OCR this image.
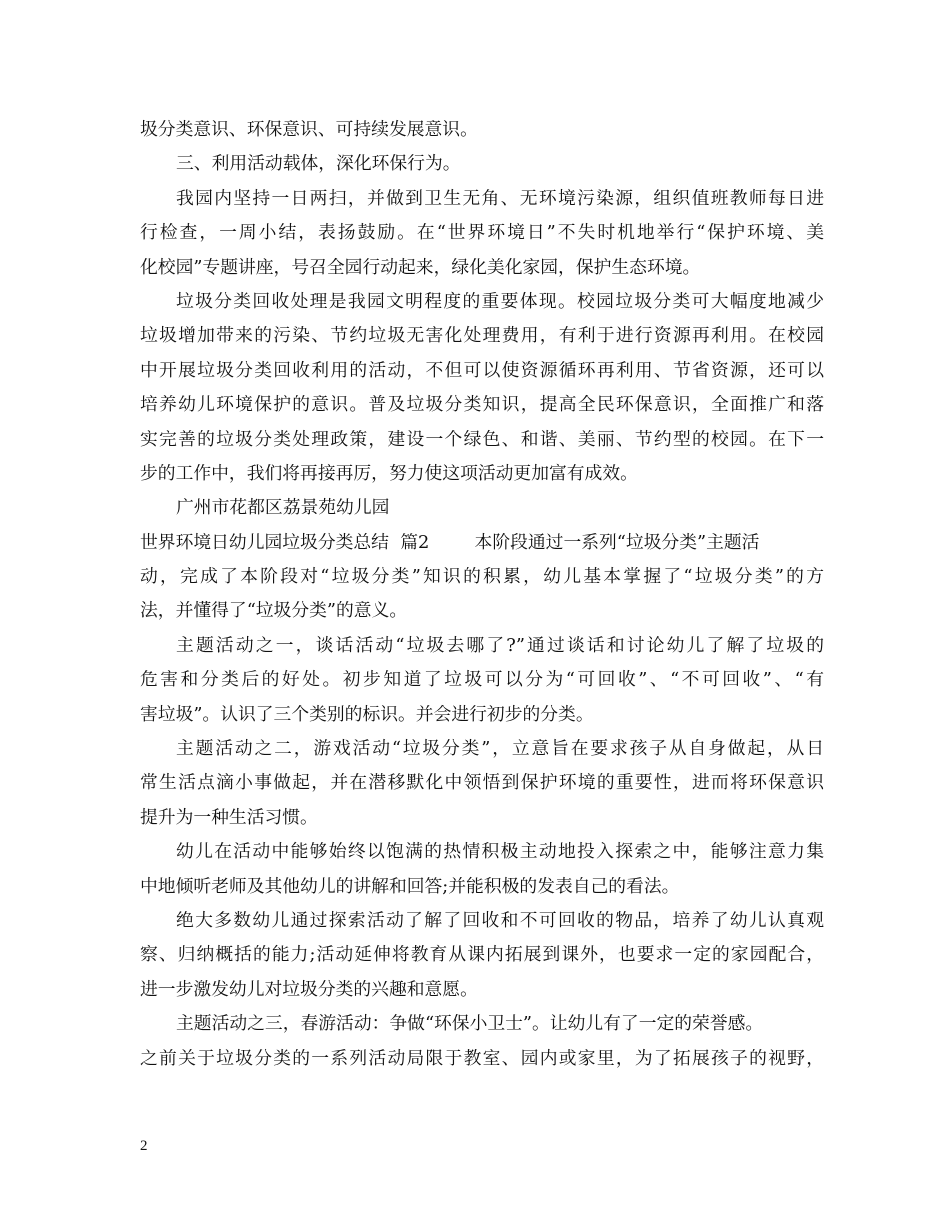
圾分类意识、环保意识、可持续发展意识。
三、利用活动载体，深化环保行为。
我园内坚持一日两扫，并做到卫生无角、无环境污染源，组织值班教师每日进
行检查，一周小结，表扬鼓励。在“世界环境日”不失时机地举行“保护环境、美
化校园”专题讲座，号召全园行动起来，绿化美化家园，保护生态环境。
垃圾分类回收处理是我园文明程度的重要体现。校园垃圾分类可大幅度地减少
垃圾增加带来的污染、节约垃圾无害化处理费用，有利于进行资源再利用。在校园
中开展垃圾分类回收利用的活动，不但可以使资源循环再利用、节省资源，还可以
培养幼儿环境保护的意识。普及垃圾分类知识，提高全民环保意识，全面推广和落
实完善的垃圾分类处理政策，建设一个绿色、和谐、美丽、节约型的校园。在下一
步的工作中，我们将再接再厉，努力使这项活动更加富有成效。
广州市花都区荔景苑幼儿园
世界环境日幼儿园垃圾分类总结  篇2        本阶段通过一系列“垃圾分类”主题活
动，完成了本阶段对“垃圾分类”知识的积累，幼儿基本掌握了“垃圾分类”的方
法，并懂得了“垃圾分类”的意义。
主题活动之一，谈话活动“垃圾去哪了?”通过谈话和讨论幼儿了解了垃圾的
危害和分类后的好处。初步知道了垃圾可以分为“可回收”、“不可回收”、“有
害垃圾”。认识了三个类别的标识。并会进行初步的分类。
主题活动之二，游戏活动“垃圾分类”，立意旨在要求孩子从自身做起，从日
常生活点滴小事做起，并在潜移默化中领悟到保护环境的重要性，进而将环保意识
提升为一种生活习惯。
幼儿在活动中能够始终以饱满的热情积极主动地投入探索之中，能够注意力集
中地倾听老师及其他幼儿的讲解和回答;并能积极的发表自己的看法。
绝大多数幼儿通过探索活动了解了回收和不可回收的物品，培养了幼儿认真观
察、归纳概括的能力;活动延伸将教育从课内拓展到课外，也要求一定的家园配合，
进一步激发幼儿对垃圾分类的兴趣和意愿。
主题活动之三，春游活动：争做“环保小卫士”。让幼儿有了一定的荣誉感。
之前关于垃圾分类的一系列活动局限于教室、园内或家里，为了拓展孩子的视野，
2
